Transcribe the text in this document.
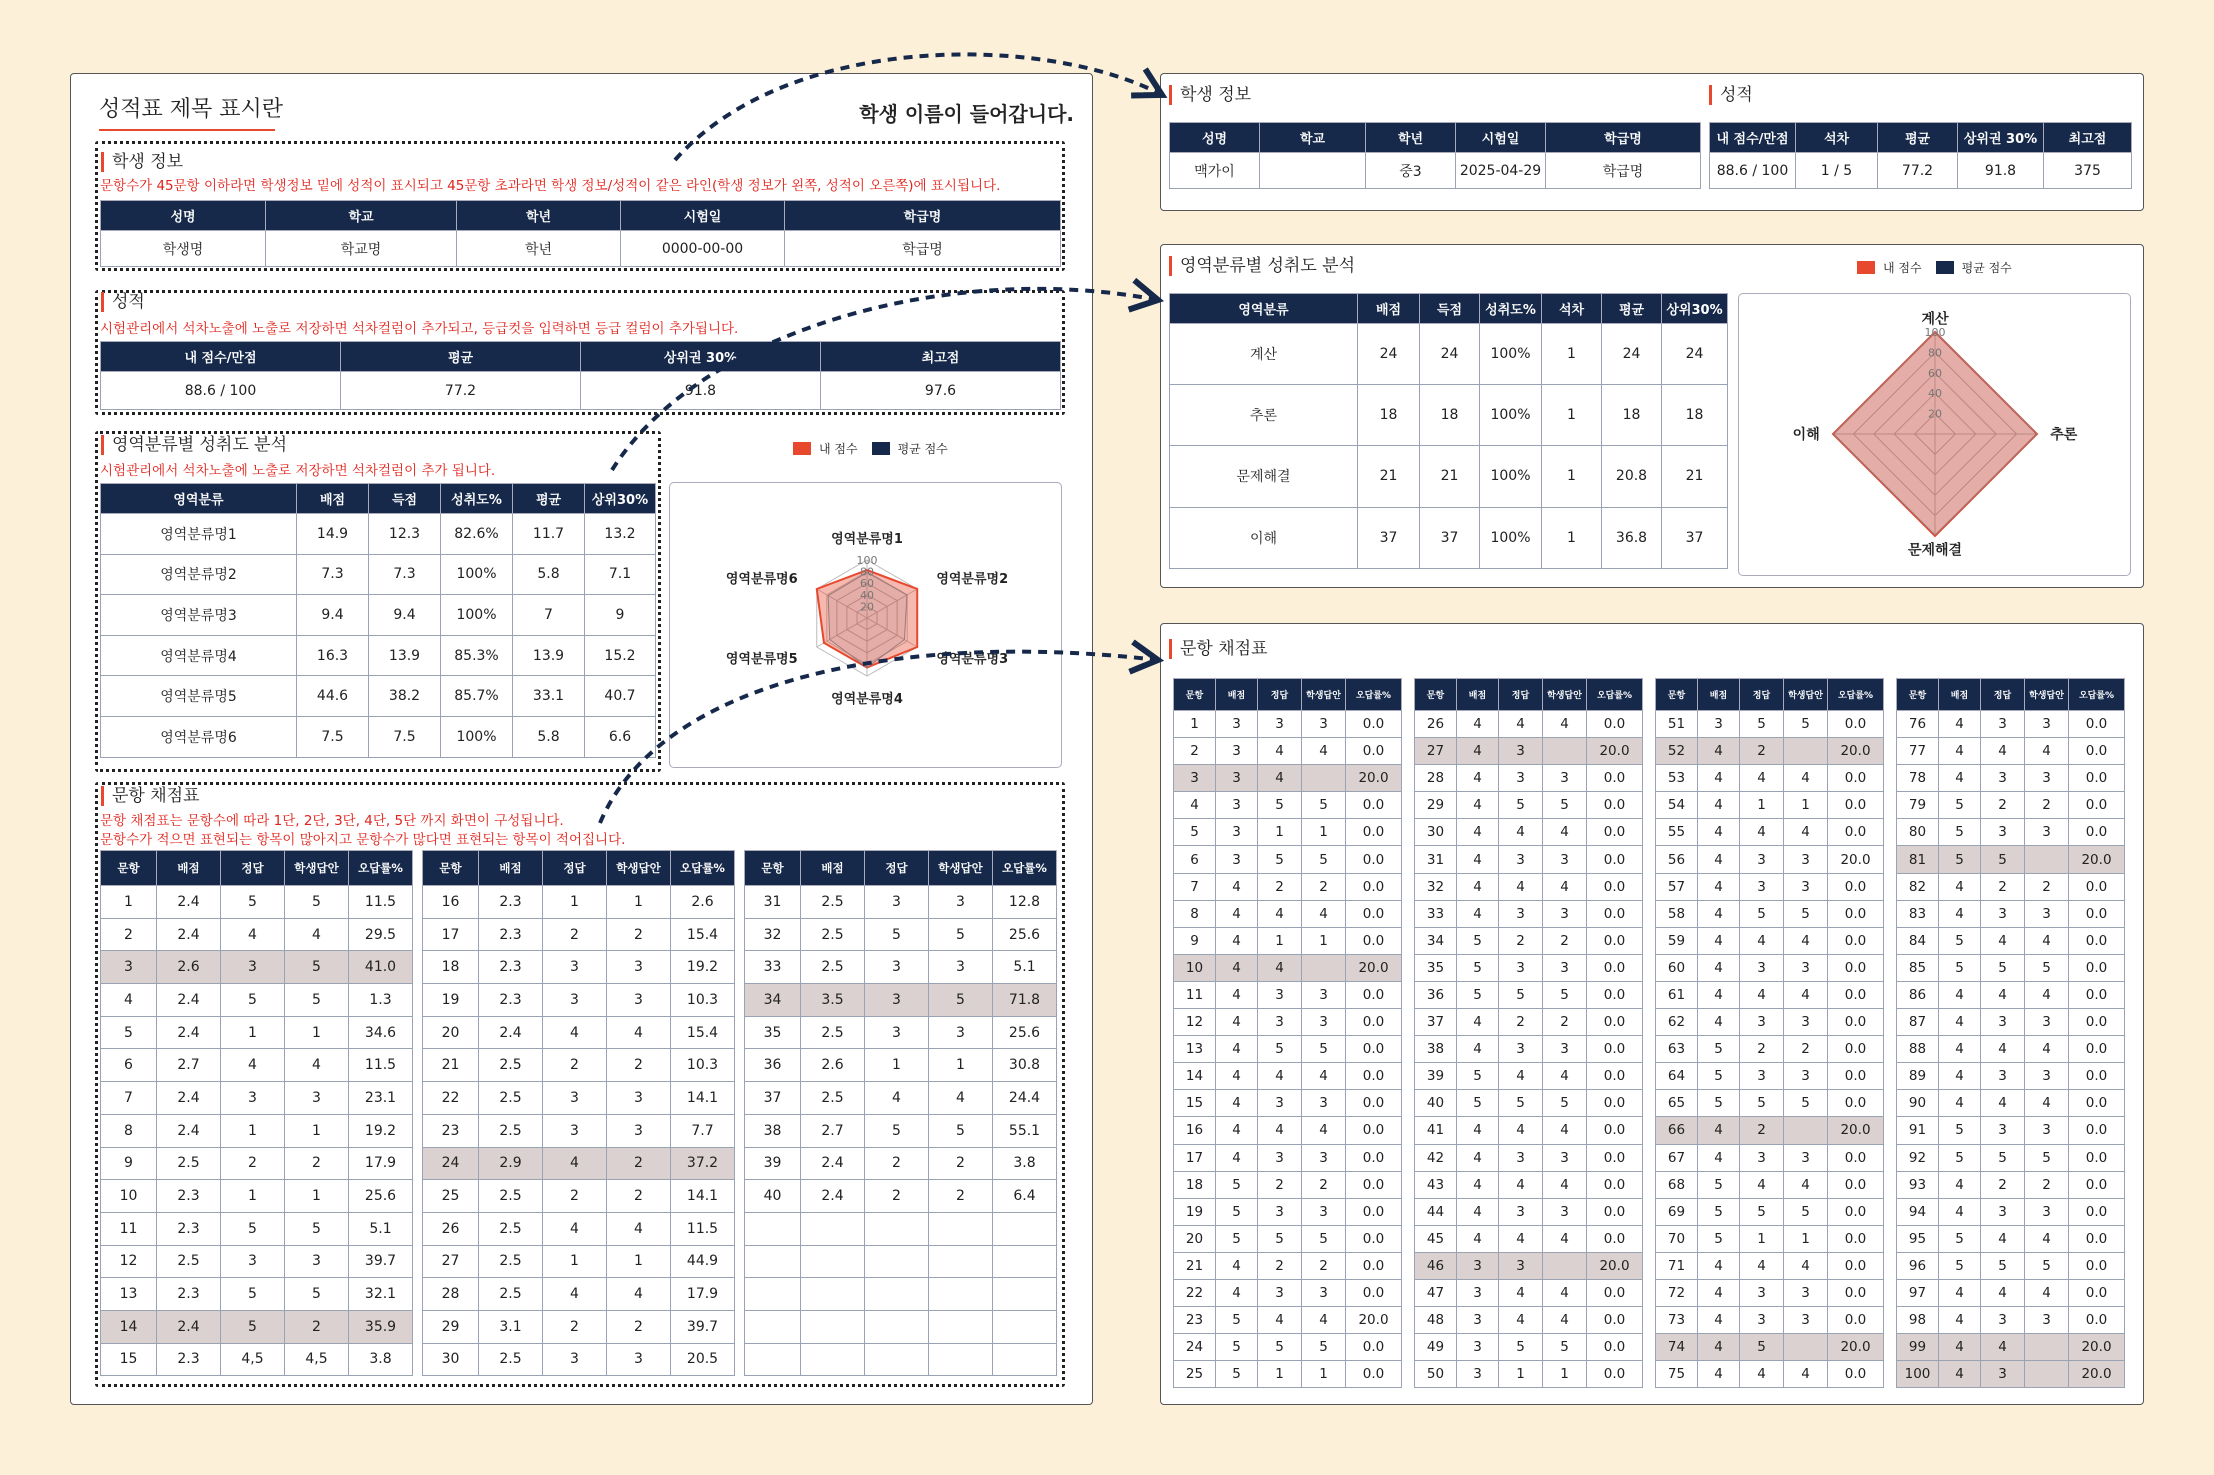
성적표 제목 표시란	학생 이름이 들어갑니다.
학생 정보
문항수가 45문항 이하라면 학생정보 밑에 성적이 표시되고 45문항 초과라면 학생 정보/성적이 같은 라인(학생 정보가 왼쪽, 성적이 오른쪽)에 표시됩니다.
성명	학교	학년	시험일	학급명
학생명	학교명	학년	0000-00-00	학급명
성적
시험관리에서 석차노출에 노출로 저장하면 석차컬럼이 추가되고, 등급컷을 입력하면 등급 컬럼이 추가됩니다.
내 점수/만점	평균	상위권 30%	최고점
88.6 / 100	77.2	91.8	97.6
영역분류별 성취도 분석
시험관리에서 석차노출에 노출로 저장하면 석차컬럼이 추가 됩니다.
영역분류	배점	득점	성취도%	평균	상위30%
영역분류명1	14.9	12.3	82.6%	11.7	13.2
영역분류명2	7.3	7.3	100%	5.8	7.1
영역분류명3	9.4	9.4	100%	7	9
영역분류명4	16.3	13.9	85.3%	13.9	15.2
영역분류명5	44.6	38.2	85.7%	33.1	40.7
영역분류명6	7.5	7.5	100%	5.8	6.6
내 점수	평균 점수
20
40
60
80
100
영역분류명1
영역분류명2
영역분류명3
영역분류명4
영역분류명5
영역분류명6
문항 채점표
문항 채점표는 문항수에 따라 1단, 2단, 3단, 4단, 5단 까지 화면이 구성됩니다.
문항수가 적으면 표현되는 항목이 많아지고 문항수가 많다면 표현되는 항목이 적어집니다.
문항	배점	정답	학생답안	오답률%
1	2.4	5	5	11.5
2	2.4	4	4	29.5
3	2.6	3	5	41.0
4	2.4	5	5	1.3
5	2.4	1	1	34.6
6	2.7	4	4	11.5
7	2.4	3	3	23.1
8	2.4	1	1	19.2
9	2.5	2	2	17.9
10	2.3	1	1	25.6
11	2.3	5	5	5.1
12	2.5	3	3	39.7
13	2.3	5	5	32.1
14	2.4	5	2	35.9
15	2.3	4,5	4,5	3.8
문항	배점	정답	학생답안	오답률%
16	2.3	1	1	2.6
17	2.3	2	2	15.4
18	2.3	3	3	19.2
19	2.3	3	3	10.3
20	2.4	4	4	15.4
21	2.5	2	2	10.3
22	2.5	3	3	14.1
23	2.5	3	3	7.7
24	2.9	4	2	37.2
25	2.5	2	2	14.1
26	2.5	4	4	11.5
27	2.5	1	1	44.9
28	2.5	4	4	17.9
29	3.1	2	2	39.7
30	2.5	3	3	20.5
문항	배점	정답	학생답안	오답률%
31	2.5	3	3	12.8
32	2.5	5	5	25.6
33	2.5	3	3	5.1
34	3.5	3	5	71.8
35	2.5	3	3	25.6
36	2.6	1	1	30.8
37	2.5	4	4	24.4
38	2.7	5	5	55.1
39	2.4	2	2	3.8
40	2.4	2	2	6.4

학생 정보	성적
성명	학교	학년	시험일	학급명
맥가이		중3	2025-04-29	학급명
내 점수/만점	석차	평균	상위권 30%	최고점
88.6 / 100	1 / 5	77.2	91.8	375
영역분류별 성취도 분석	내 점수	평균 점수
영역분류	배점	득점	성취도%	석차	평균	상위30%
계산	24	24	100%	1	24	24
추론	18	18	100%	1	18	18
문제해결	21	21	100%	1	20.8	21
이해	37	37	100%	1	36.8	37
20
40
60
80
100
계산
추론
문제해결
이해
문항 채점표
문항	배점	정답	학생답안	오답률%
1	3	3	3	0.0
2	3	4	4	0.0
3	3	4		20.0
4	3	5	5	0.0
5	3	1	1	0.0
6	3	5	5	0.0
7	4	2	2	0.0
8	4	4	4	0.0
9	4	1	1	0.0
10	4	4		20.0
11	4	3	3	0.0
12	4	3	3	0.0
13	4	5	5	0.0
14	4	4	4	0.0
15	4	3	3	0.0
16	4	4	4	0.0
17	4	3	3	0.0
18	5	2	2	0.0
19	5	3	3	0.0
20	5	5	5	0.0
21	4	2	2	0.0
22	4	3	3	0.0
23	5	4	4	20.0
24	5	5	5	0.0
25	5	1	1	0.0
문항	배점	정답	학생답안	오답률%
26	4	4	4	0.0
27	4	3		20.0
28	4	3	3	0.0
29	4	5	5	0.0
30	4	4	4	0.0
31	4	3	3	0.0
32	4	4	4	0.0
33	4	3	3	0.0
34	5	2	2	0.0
35	5	3	3	0.0
36	5	5	5	0.0
37	4	2	2	0.0
38	4	3	3	0.0
39	5	4	4	0.0
40	5	5	5	0.0
41	4	4	4	0.0
42	4	3	3	0.0
43	4	4	4	0.0
44	4	3	3	0.0
45	4	4	4	0.0
46	3	3		20.0
47	3	4	4	0.0
48	3	4	4	0.0
49	3	5	5	0.0
50	3	1	1	0.0
문항	배점	정답	학생답안	오답률%
51	3	5	5	0.0
52	4	2		20.0
53	4	4	4	0.0
54	4	1	1	0.0
55	4	4	4	0.0
56	4	3	3	20.0
57	4	3	3	0.0
58	4	5	5	0.0
59	4	4	4	0.0
60	4	3	3	0.0
61	4	4	4	0.0
62	4	3	3	0.0
63	5	2	2	0.0
64	5	3	3	0.0
65	5	5	5	0.0
66	4	2		20.0
67	4	3	3	0.0
68	5	4	4	0.0
69	5	5	5	0.0
70	5	1	1	0.0
71	4	4	4	0.0
72	4	3	3	0.0
73	4	3	3	0.0
74	4	5		20.0
75	4	4	4	0.0
문항	배점	정답	학생답안	오답률%
76	4	3	3	0.0
77	4	4	4	0.0
78	4	3	3	0.0
79	5	2	2	0.0
80	5	3	3	0.0
81	5	5		20.0
82	4	2	2	0.0
83	4	3	3	0.0
84	5	4	4	0.0
85	5	5	5	0.0
86	4	4	4	0.0
87	4	3	3	0.0
88	4	4	4	0.0
89	4	3	3	0.0
90	4	4	4	0.0
91	5	3	3	0.0
92	5	5	5	0.0
93	4	2	2	0.0
94	4	3	3	0.0
95	5	4	4	0.0
96	5	5	5	0.0
97	4	4	4	0.0
98	4	3	3	0.0
99	4	4		20.0
100	4	3		20.0
